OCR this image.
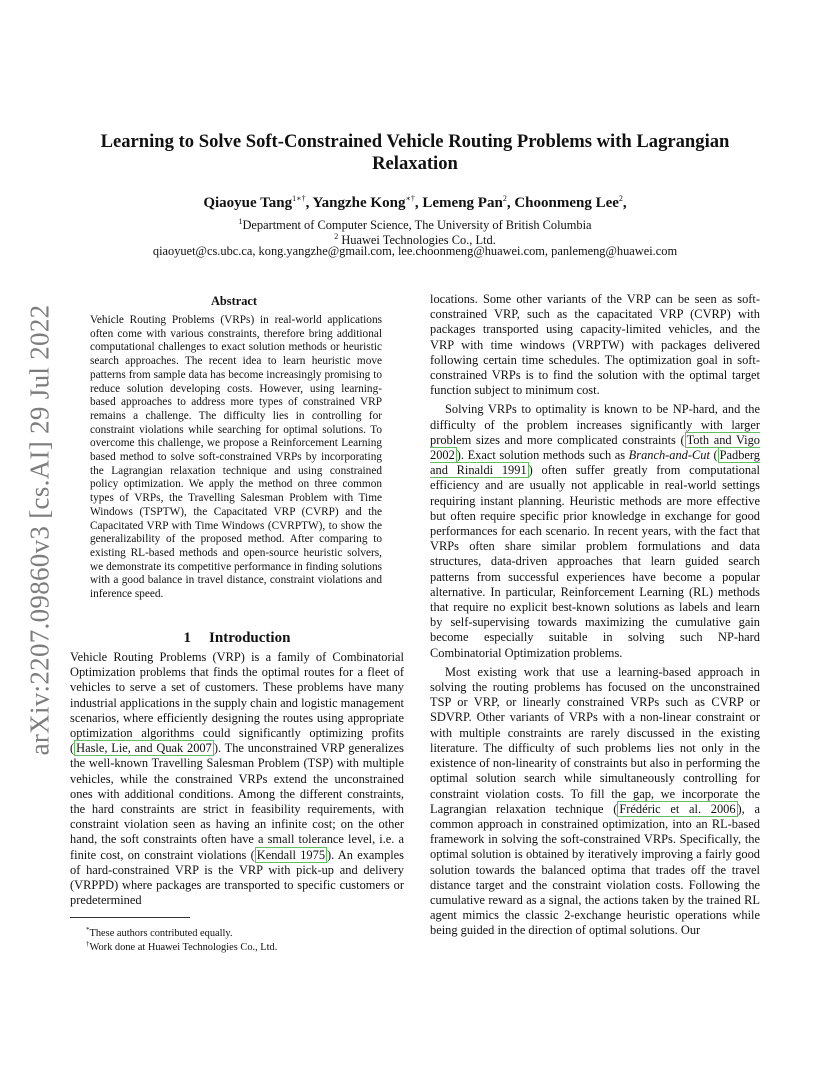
arXiv:2207.09860v3 [cs.AI] 29 Jul 2022
Learning to Solve Soft-Constrained Vehicle Routing Problems with Lagrangian Relaxation
Qiaoyue Tang$^{1∗\dagger}$, Yangzhe Kong∗†, Lemeng Pan$^2$, Choonmeng Lee$^2$,
$^1$Department of Computer Science, The University of British Columbia
$^2$ Huawei Technologies Co., Ltd.
qiaoyuet@cs.ubc.ca, kong.yangzhe@gmail.com, lee.choonmeng@huawei.com, panlemeng@huawei.com
Abstract
Vehicle Routing Problems (VRPs) in real-world applications often come with various constraints, therefore bring additional computational challenges to exact solution methods or heuristic search approaches. The recent idea to learn heuristic move patterns from sample data has become increasingly promising to reduce solution developing costs. However, using learning-based approaches to address more types of constrained VRP remains a challenge. The difficulty lies in controlling for constraint violations while searching for optimal solutions. To overcome this challenge, we propose a Reinforcement Learning based method to solve soft-constrained VRPs by incorporating the Lagrangian relaxation technique and using constrained policy optimization. We apply the method on three common types of VRPs, the Travelling Salesman Problem with Time Windows (TSPTW), the Capacitated VRP (CVRP) and the Capacitated VRP with Time Windows (CVRPTW), to show the generalizability of the proposed method. After comparing to existing RL-based methods and open-source heuristic solvers, we demonstrate its competitive performance in finding solutions with a good balance in travel distance, constraint violations and inference speed.
1 Introduction

Vehicle Routing Problems (VRP) is a family of Combinatorial Optimization problems that finds the optimal routes for a fleet of vehicles to serve a set of customers. These problems have many industrial applications in the supply chain and logistic management scenarios, where efficiently designing the routes using appropriate optimization algorithms could significantly optimizing profits ( Hasle, Lie, and Quak 2007 ). The unconstrained VRP generalizes the well-known Travelling Salesman Problem (TSP) with multiple vehicles, while the constrained VRPs extend the unconstrained ones with additional conditions. Among the different constraints, the hard constraints are strict in feasibility requirements, with constraint violation seen as having an infinite cost; on the other hand, the soft constraints often have a small tolerance level, i.e. a finite cost, on constraint violations ( Kendall 1975 ). An examples of hard-constrained VRP is the VRP with pick-up and delivery (VRPPD) where packages are transported to specific customers or predetermined

locations. Some other variants of the VRP can be seen as soft-constrained VRP, such as the capacitated VRP (CVRP) with packages transported using capacity-limited vehicles, and the VRP with time windows (VRPTW) with packages delivered following certain time schedules. The optimization goal in soft-constrained VRPs is to find the solution with the optimal target function subject to minimum cost.

Solving VRPs to optimality is known to be NP-hard, and the difficulty of the problem increases significantly with larger problem sizes and more complicated constraints ( Toth and Vigo 2002 ). Exact solution methods such as Branch-and-Cut ( Padberg and Rinaldi 1991 ) often suffer greatly from computational efficiency and are usually not applicable in real-world settings requiring instant planning. Heuristic methods are more effective but often require specific prior knowledge in exchange for good performances for each scenario. In recent years, with the fact that VRPs often share similar problem formulations and data structures, data-driven approaches that learn guided search patterns from successful experiences have become a popular alternative. In particular, Reinforcement Learning (RL) methods that require no explicit best-known solutions as labels and learn by self-supervising towards maximizing the cumulative gain become especially suitable in solving such NP-hard Combinatorial Optimization problems.

Most existing work that use a learning-based approach in solving the routing problems has focused on the unconstrained TSP or VRP, or linearly constrained VRPs such as CVRP or SDVRP. Other variants of VRPs with a non-linear constraint or with multiple constraints are rarely discussed in the existing literature. The difficulty of such problems lies not only in the existence of non-linearity of constraints but also in performing the optimal solution search while simultaneously controlling for constraint violation costs. To fill the gap, we incorporate the Lagrangian relaxation technique ( Frédéric et al. 2006 ), a common approach in constrained optimization, into an RL-based framework in solving the soft-constrained VRPs. Specifically, the optimal solution is obtained by iteratively improving a fairly good solution towards the balanced optima that trades off the travel distance target and the constraint violation costs. Following the cumulative reward as a signal, the actions taken by the trained RL agent mimics the classic 2-exchange heuristic operations while being guided in the direction of optimal solutions. Our

*These authors contributed equally.
†Work done at Huawei Technologies Co., Ltd.
